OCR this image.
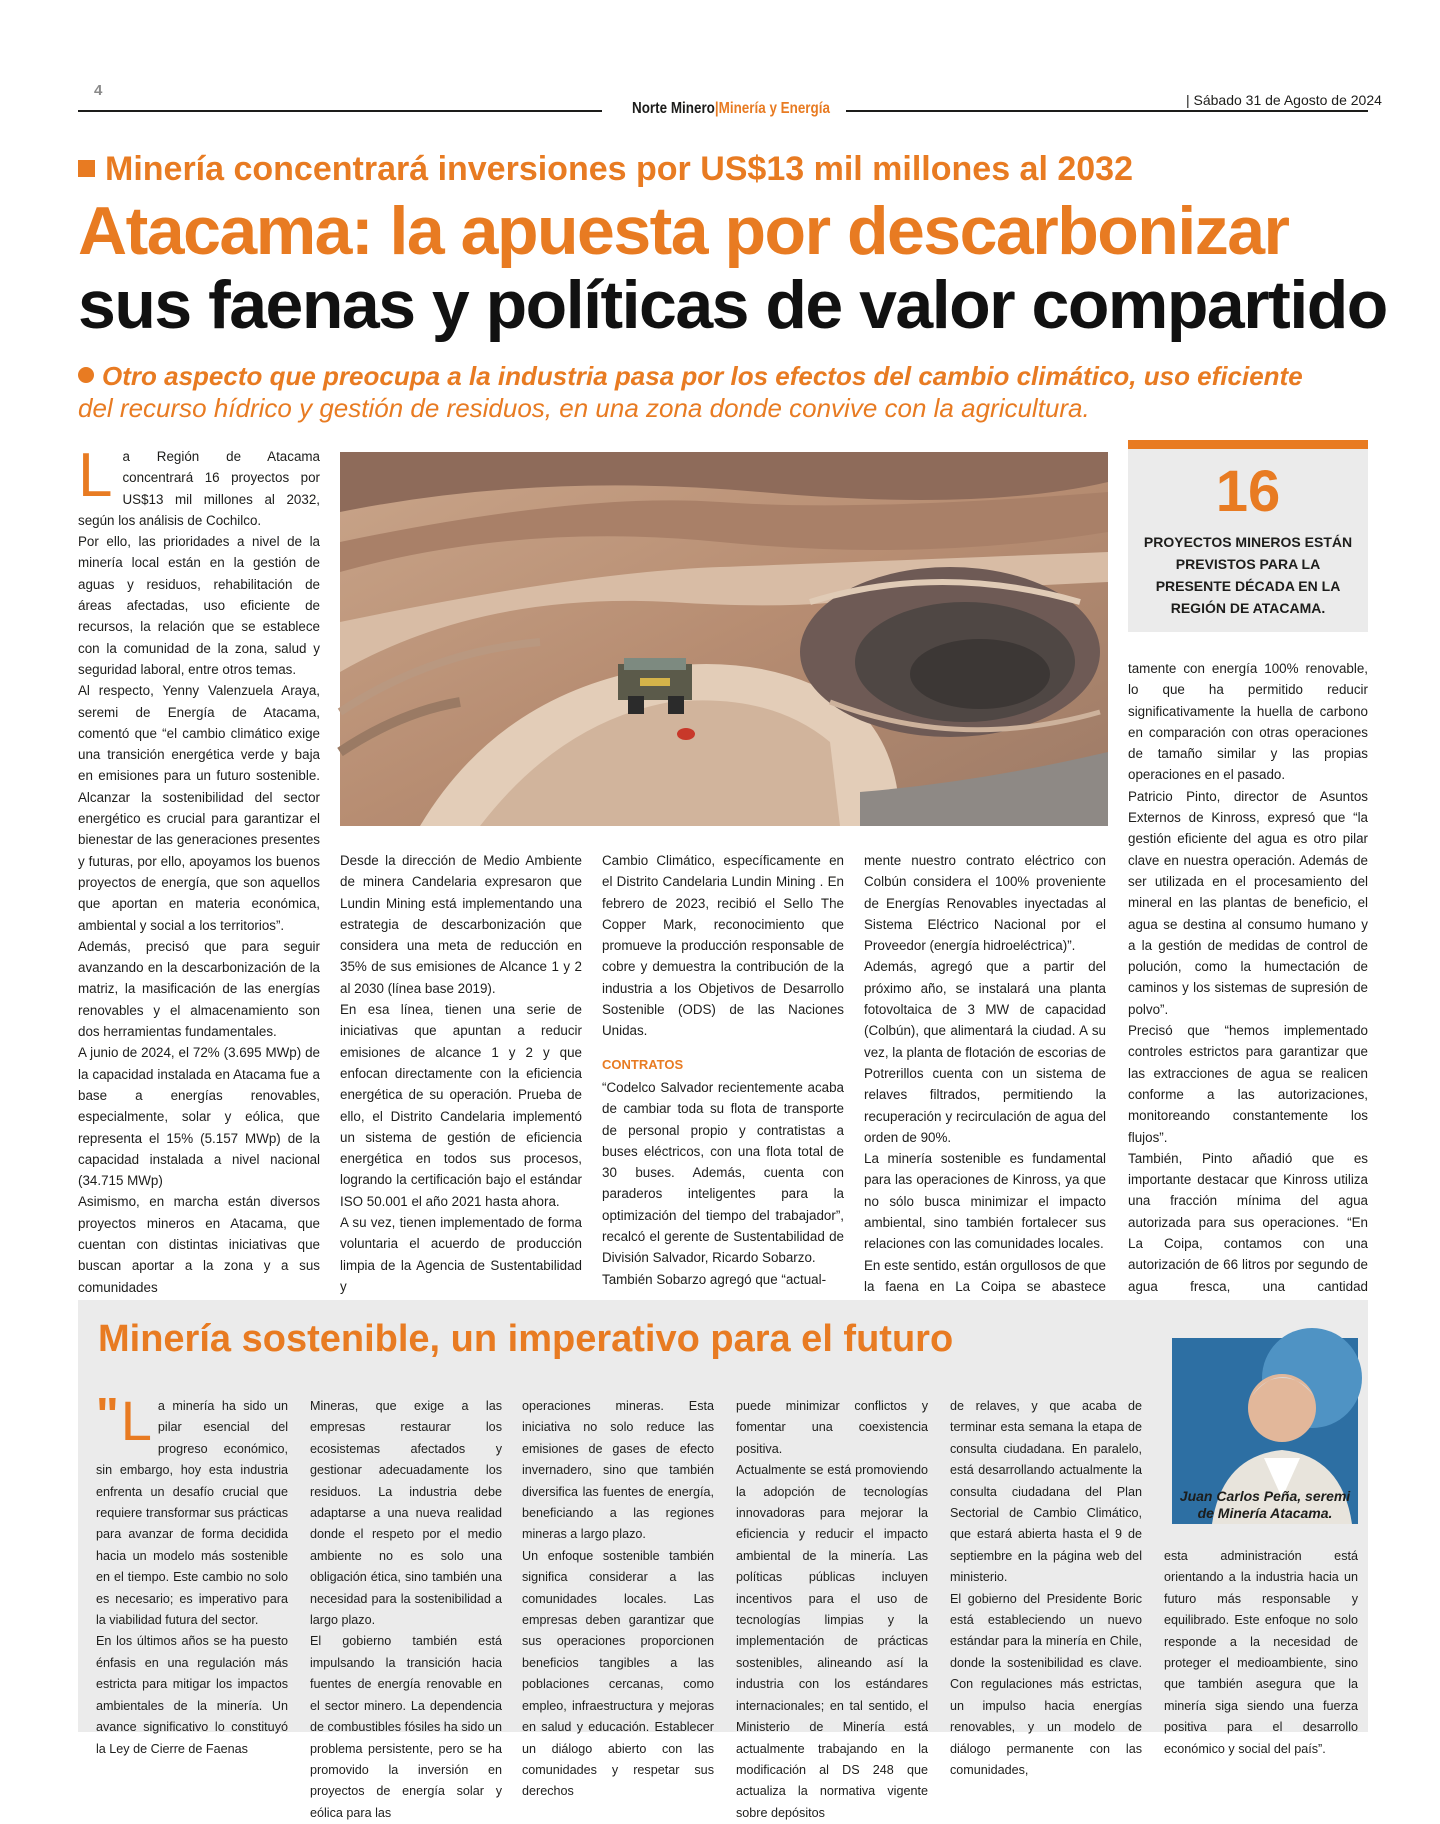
4
Norte Minero|Minería y Energía	| Sábado 31 de Agosto de 2024
Minería concentrará inversiones por US$13 mil millones al 2032
Atacama: la apuesta por descarbonizar
sus faenas y políticas de valor compartido
Otro aspecto que preocupa a la industria pasa por los efectos del cambio climático, uso eficiente
del recurso hídrico y gestión de residuos, en una zona donde convive con la agricultura.

La Región de Atacama concentrará 16 proyectos por US$13 mil millones al 2032, según los análisis de Cochilco.

Por ello, las prioridades a nivel de la minería local están en la gestión de aguas y residuos, rehabilitación de áreas afectadas, uso eficiente de recursos, la relación que se establece con la comunidad de la zona, salud y seguridad laboral, entre otros temas.

Al respecto, Yenny Valenzuela Araya, seremi de Energía de Atacama, comentó que “el cambio climático exige una transición energética verde y baja en emisiones para un futuro sostenible. Alcanzar la sostenibilidad del sector energético es crucial para garantizar el bienestar de las generaciones presentes y futuras, por ello, apoyamos los buenos proyectos de energía, que son aquellos que aportan en materia económica, ambiental y social a los territorios”.

Además, precisó que para seguir avanzando en la descarbonización de la matriz, la masificación de las energías renovables y el almacenamiento son dos herramientas fundamentales.

A junio de 2024, el 72% (3.695 MWp) de la capacidad instalada en Atacama fue a base a energías renovables, especialmente, solar y eólica, que representa el 15% (5.157 MWp) de la capacidad instalada a nivel nacional (34.715 MWp)

Asimismo, en marcha están diversos proyectos mineros en Atacama, que cuentan con distintas iniciativas que buscan aportar a la zona y a sus comunidades

16
PROYECTOS MINEROS ESTÁN PREVISTOS PARA LA PRESENTE DÉCADA EN LA REGIÓN DE ATACAMA.

Desde la dirección de Medio Ambiente de minera Candelaria expresaron que Lundin Mining está implementando una estrategia de descarbonización que considera una meta de reducción en 35% de sus emisiones de Alcance 1 y 2 al 2030 (línea base 2019).

En esa línea, tienen una serie de iniciativas que apuntan a reducir emisiones de alcance 1 y 2 y que enfocan directamente con la eficiencia energética de su operación. Prueba de ello, el Distrito Candelaria implementó un sistema de gestión de eficiencia energética en todos sus procesos, logrando la certificación bajo el estándar ISO 50.001 el año 2021 hasta ahora.

A su vez, tienen implementado de forma voluntaria el acuerdo de producción limpia de la Agencia de Sustentabilidad y

Cambio Climático, específicamente en el Distrito Candelaria Lundin Mining . En febrero de 2023, recibió el Sello The Copper Mark, reconocimiento que promueve la producción responsable de cobre y demuestra la contribución de la industria a los Objetivos de Desarrollo Sostenible (ODS) de las Naciones Unidas.

CONTRATOS

“Codelco Salvador recientemente acaba de cambiar toda su flota de transporte de personal propio y contratistas a buses eléctricos, con una flota total de 30 buses. Además, cuenta con paraderos inteligentes para la optimización del tiempo del trabajador”, recalcó el gerente de Sustentabilidad de División Salvador, Ricardo Sobarzo.

También Sobarzo agregó que “actual-

mente nuestro contrato eléctrico con Colbún considera el 100% proveniente de Energías Renovables inyectadas al Sistema Eléctrico Nacional por el Proveedor (energía hidroeléctrica)”.

Además, agregó que a partir del próximo año, se instalará una planta fotovoltaica de 3 MW de capacidad (Colbún), que alimentará la ciudad. A su vez, la planta de flotación de escorias de Potrerillos cuenta con un sistema de relaves filtrados, permitiendo la recuperación y recirculación de agua del orden de 90%.

La minería sostenible es fundamental para las operaciones de Kinross, ya que no sólo busca minimizar el impacto ambiental, sino también fortalecer sus relaciones con las comunidades locales.

En este sentido, están orgullosos de que la faena en La Coipa se abastece

tamente con energía 100% renovable, lo que ha permitido reducir significativamente la huella de carbono en comparación con otras operaciones de tamaño similar y las propias operaciones en el pasado.

Patricio Pinto, director de Asuntos Externos de Kinross, expresó que “la gestión eficiente del agua es otro pilar clave en nuestra operación. Además de ser utilizada en el procesamiento del mineral en las plantas de beneficio, el agua se destina al consumo humano y a la gestión de medidas de control de polución, como la humectación de caminos y los sistemas de supresión de polvo”.

Precisó que “hemos implementado controles estrictos para garantizar que las extracciones de agua se realicen conforme a las autorizaciones, monitoreando constantemente los flujos”.

También, Pinto añadió que es importante destacar que Kinross utiliza una fracción mínima del agua autorizada para sus operaciones. “En La Coipa, contamos con una autorización de 66 litros por segundo de agua fresca, una cantidad

Minería sostenible, un imperativo para el futuro
Juan Carlos Peña, seremi de Minería Atacama.

" L a minería ha sido un pilar esencial del progreso económico, sin embargo, hoy esta industria enfrenta un desafío crucial que requiere transformar sus prácticas para avanzar de forma decidida hacia un modelo más sostenible en el tiempo. Este cambio no solo es necesario; es imperativo para la viabilidad futura del sector.

En los últimos años se ha puesto énfasis en una regulación más estricta para mitigar los impactos ambientales de la minería. Un avance significativo lo constituyó la Ley de Cierre de Faenas

Mineras, que exige a las empresas restaurar los ecosistemas afectados y gestionar adecuadamente los residuos. La industria debe adaptarse a una nueva realidad donde el respeto por el medio ambiente no es solo una obligación ética, sino también una necesidad para la sostenibilidad a largo plazo.

El gobierno también está impulsando la transición hacia fuentes de energía renovable en el sector minero. La dependencia de combustibles fósiles ha sido un problema persistente, pero se ha promovido la inversión en proyectos de energía solar y eólica para las

operaciones mineras. Esta iniciativa no solo reduce las emisiones de gases de efecto invernadero, sino que también diversifica las fuentes de energía, beneficiando a las regiones mineras a largo plazo.

Un enfoque sostenible también significa considerar a las comunidades locales. Las empresas deben garantizar que sus operaciones proporcionen beneficios tangibles a las poblaciones cercanas, como empleo, infraestructura y mejoras en salud y educación. Establecer un diálogo abierto con las comunidades y respetar sus derechos

puede minimizar conflictos y fomentar una coexistencia positiva.

Actualmente se está promoviendo la adopción de tecnologías innovadoras para mejorar la eficiencia y reducir el impacto ambiental de la minería. Las políticas públicas incluyen incentivos para el uso de tecnologías limpias y la implementación de prácticas sostenibles, alineando así la industria con los estándares internacionales; en tal sentido, el Ministerio de Minería está actualmente trabajando en la modificación al DS 248 que actualiza la normativa vigente sobre depósitos

de relaves, y que acaba de terminar esta semana la etapa de consulta ciudadana. En paralelo, está desarrollando actualmente la consulta ciudadana del Plan Sectorial de Cambio Climático, que estará abierta hasta el 9 de septiembre en la página web del ministerio.

El gobierno del Presidente Boric está estableciendo un nuevo estándar para la minería en Chile, donde la sostenibilidad es clave. Con regulaciones más estrictas, un impulso hacia energías renovables, y un modelo de diálogo permanente con las comunidades,

esta administración está orientando a la industria hacia un futuro más responsable y equilibrado. Este enfoque no solo responde a la necesidad de proteger el medioambiente, sino que también asegura que la minería siga siendo una fuerza positiva para el desarrollo económico y social del país”.
